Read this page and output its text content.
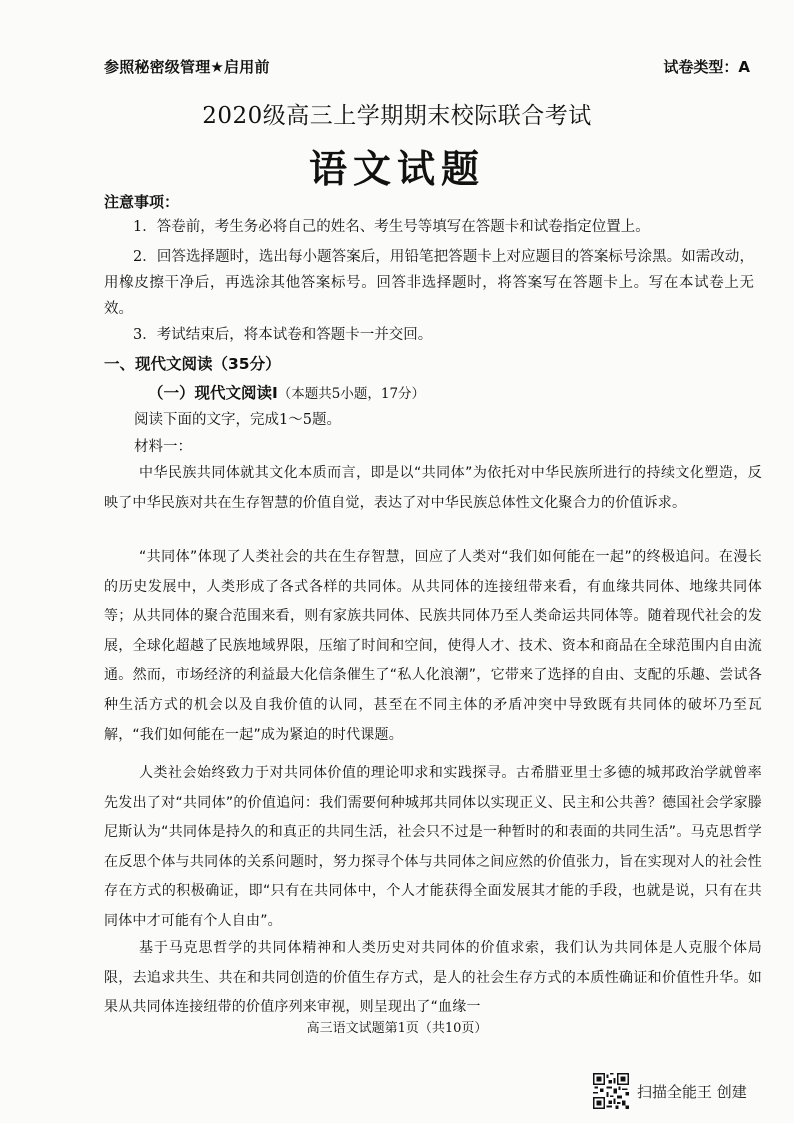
参照秘密级管理★启用前	试卷类型：A
2020级高三上学期期末校际联合考试
语文试题
注意事项：
1．答卷前，考生务必将自己的姓名、考生号等填写在答题卡和试卷指定位置上。
2．回答选择题时，选出每小题答案后，用铅笔把答题卡上对应题目的答案标号涂黑。如需改动，用橡皮擦干净后，再选涂其他答案标号。回答非选择题时，将答案写在答题卡上。写在本试卷上无效。
3．考试结束后，将本试卷和答题卡一并交回。
一、现代文阅读（35分）
（一）现代文阅读Ⅰ（本题共5小题，17分）
阅读下面的文字，完成1～5题。
材料一：
中华民族共同体就其文化本质而言，即是以“共同体”为依托对中华民族所进行的持续文化塑造，反映了中华民族对共在生存智慧的价值自觉，表达了对中华民族总体性文化聚合力的价值诉求。
“共同体”体现了人类社会的共在生存智慧，回应了人类对“我们如何能在一起”的终极追问。在漫长的历史发展中，人类形成了各式各样的共同体。从共同体的连接纽带来看，有血缘共同体、地缘共同体等；从共同体的聚合范围来看，则有家族共同体、民族共同体乃至人类命运共同体等。随着现代社会的发展，全球化超越了民族地域界限，压缩了时间和空间，使得人才、技术、资本和商品在全球范围内自由流通。然而，市场经济的利益最大化信条催生了“私人化浪潮”，它带来了选择的自由、支配的乐趣、尝试各种生活方式的机会以及自我价值的认同，甚至在不同主体的矛盾冲突中导致既有共同体的破坏乃至瓦解，“我们如何能在一起”成为紧迫的时代课题。
人类社会始终致力于对共同体价值的理论叩求和实践探寻。古希腊亚里士多德的城邦政治学就曾率先发出了对“共同体”的价值追问：我们需要何种城邦共同体以实现正义、民主和公共善？德国社会学家滕尼斯认为“共同体是持久的和真正的共同生活，社会只不过是一种暂时的和表面的共同生活”。马克思哲学在反思个体与共同体的关系问题时，努力探寻个体与共同体之间应然的价值张力，旨在实现对人的社会性存在方式的积极确证，即“只有在共同体中，个人才能获得全面发展其才能的手段，也就是说，只有在共同体中才可能有个人自由”。
基于马克思哲学的共同体精神和人类历史对共同体的价值求索，我们认为共同体是人克服个体局限，去追求共生、共在和共同创造的价值生存方式，是人的社会生存方式的本质性确证和价值性升华。如果从共同体连接纽带的价值序列来审视，则呈现出了“血缘一
高三语文试题第1页（共10页）
扫描全能王 创建
